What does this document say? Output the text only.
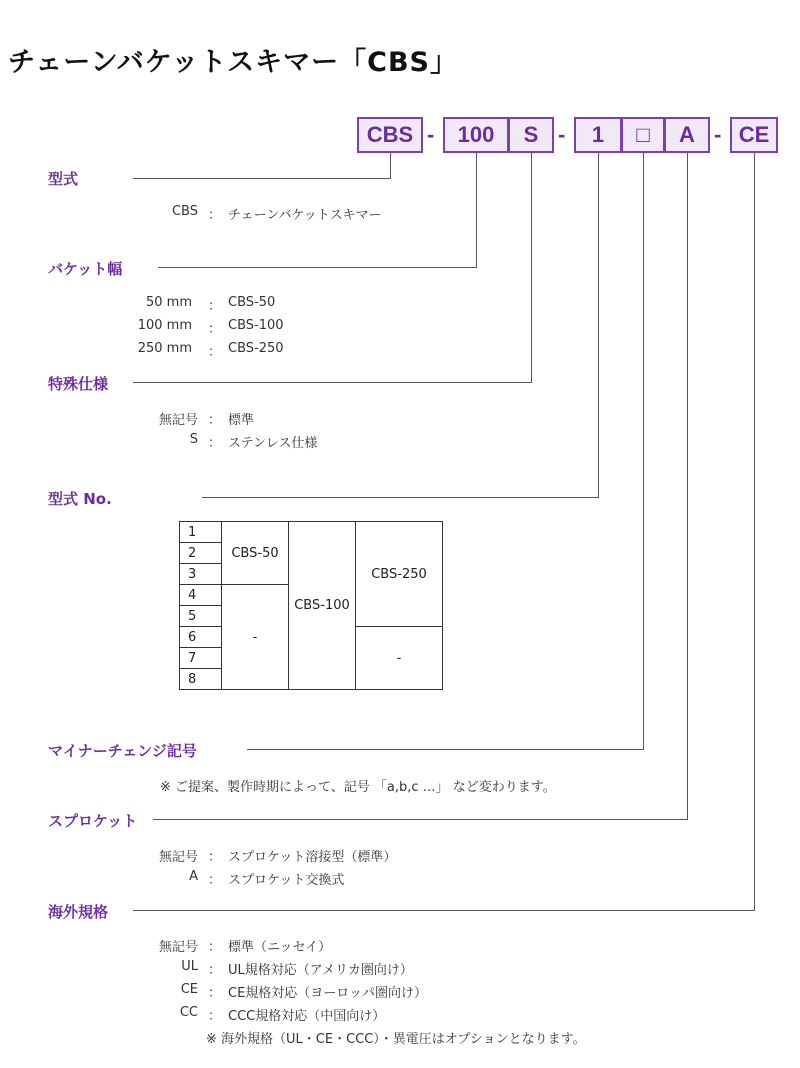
チェーンバケットスキマー「CBS」
CBS -	100	S -	1	□	A - CE
型式
CBS ： チェーンバケットスキマー
バケット幅
50 mm ： CBS-50
100 mm ： CBS-100
250 mm ： CBS-250
特殊仕様
無記号 ： 標準
S ： ステンレス仕様
型式 No.
1	CBS-50	CBS-100	CBS-250
2			
3			
4	-		
5			
6			-
7			
8			
マイナーチェンジ記号
※ ご提案、製作時期によって、記号 「a,b,c …」 など変わります。
スプロケット
無記号 ： スプロケット溶接型（標準）
A ： スプロケット交換式
海外規格
無記号 ： 標準（ニッセイ）
UL ： UL規格対応（アメリカ圏向け）
CE ： CE規格対応（ヨーロッパ圏向け）
CC ： CCC規格対応（中国向け）
※ 海外規格（UL・CE・CCC）・異電圧はオプションとなります。
